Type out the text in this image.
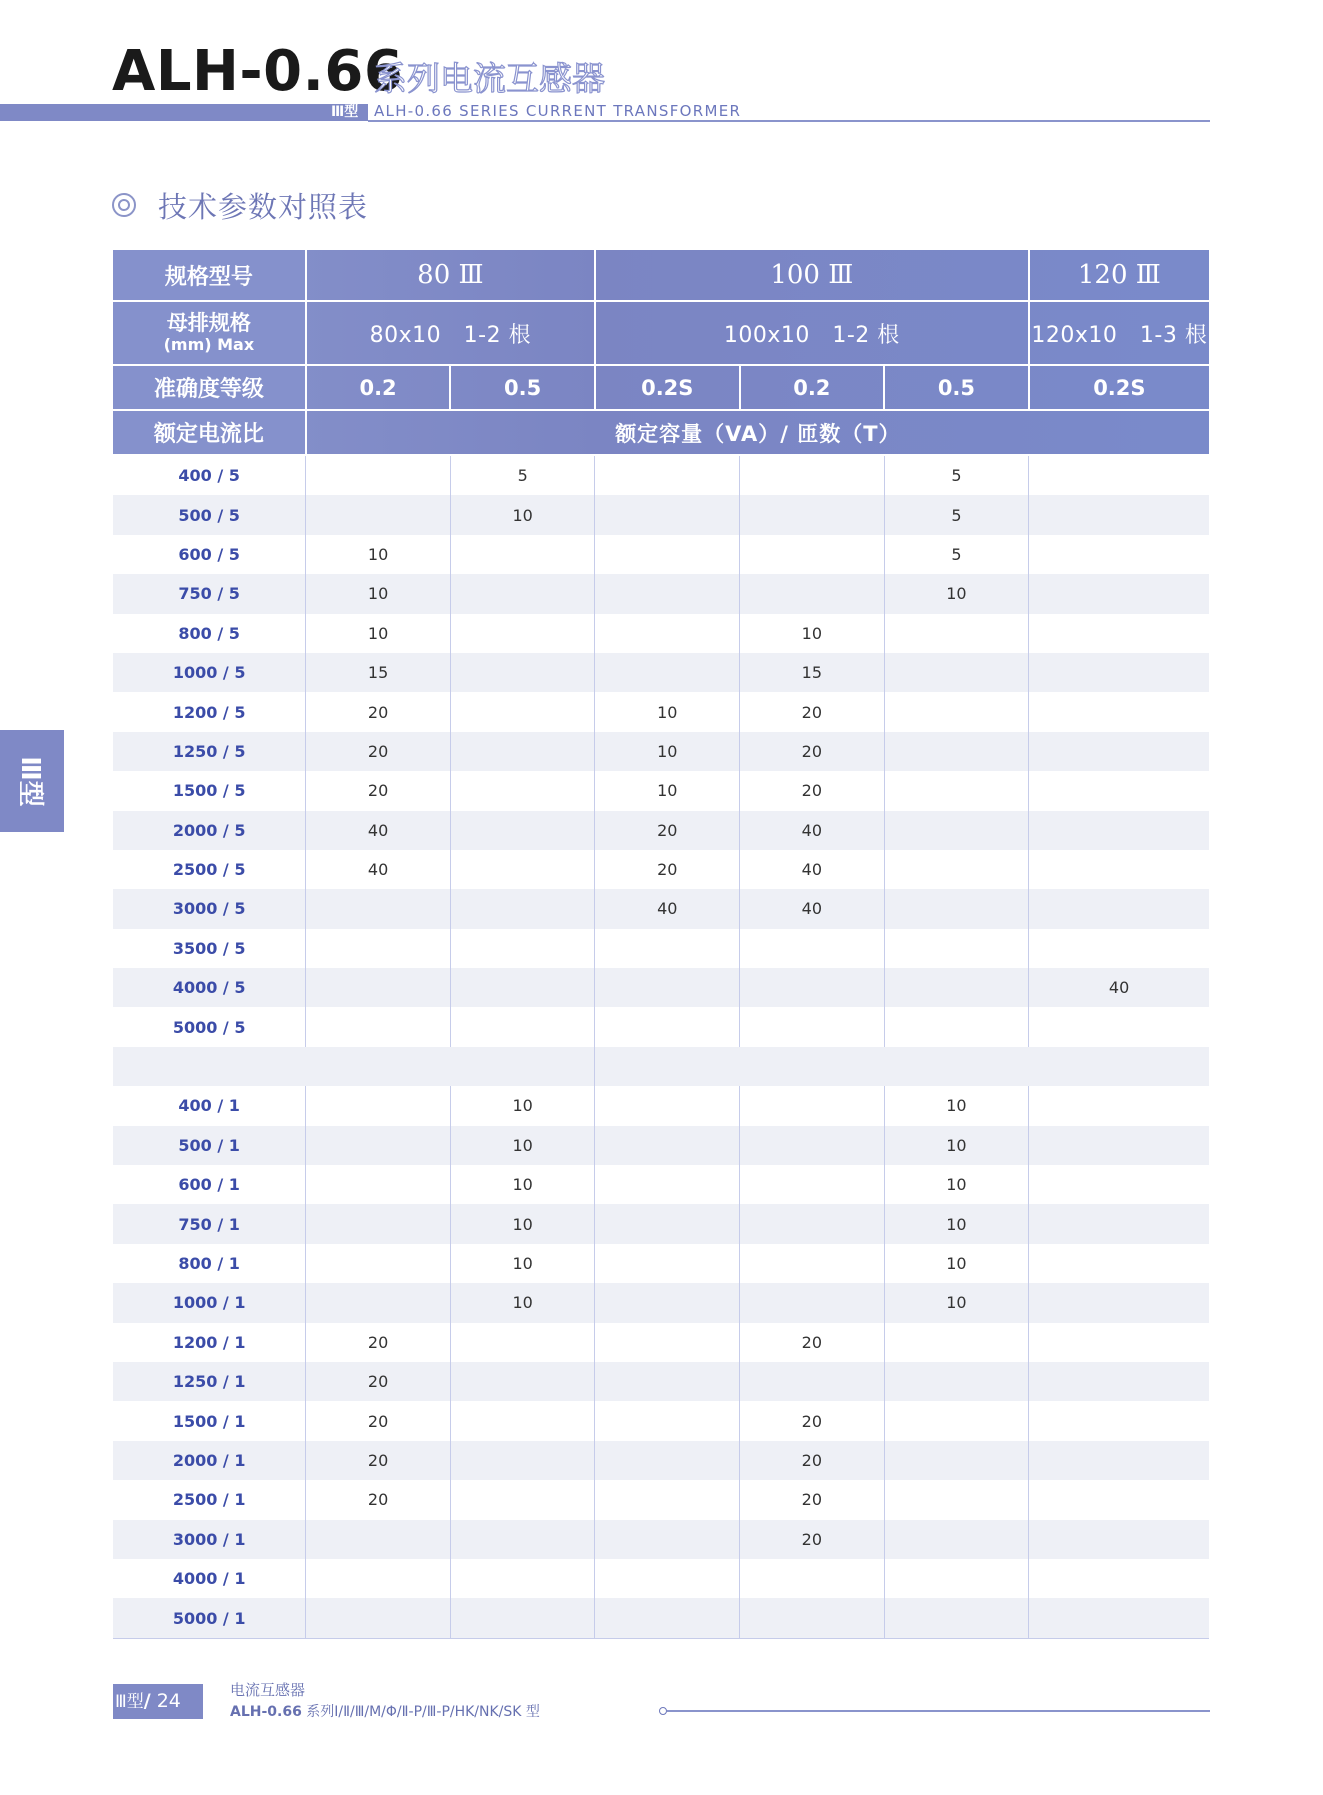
ALH-0.66
系列电流互感器
Ⅲ型 ALH-0.66 SERIES CURRENT TRANSFORMER
技术参数对照表
规格型号	80 Ⅲ		100 Ⅲ			120 Ⅲ

母排规格
(mm) Max	80x10　1-2 根		100x10　1-2 根			120x10　1-3 根
准确度等级	0.2	0.5	0.2S	0.2	0.5	0.2S
额定电流比	额定容量（VA）/ 匝数（T）					
400 / 5		5			5	
500 / 5		10			5	
600 / 5	10				5	
750 / 5	10				10	
800 / 5	10			10		
1000 / 5	15			15		
1200 / 5	20		10	20		
1250 / 5	20		10	20		
1500 / 5	20		10	20		
2000 / 5	40		20	40		
2500 / 5	40		20	40		
3000 / 5			40	40		
3500 / 5						
4000 / 5						40
5000 / 5						

400 / 1		10			10	
500 / 1		10			10	
600 / 1		10			10	
750 / 1		10			10	
800 / 1		10			10	
1000 / 1		10			10	
1200 / 1	20			20		
1250 / 1	20					
1500 / 1	20			20		
2000 / 1	20			20		
2500 / 1	20			20		
3000 / 1				20		
4000 / 1						
5000 / 1						
Ⅲ型
Ⅲ型/ 24	电流互感器
ALH-0.66 系列Ⅰ/Ⅱ/Ⅲ/M/Φ/Ⅱ-P/Ⅲ-P/HK/NK/SK 型
